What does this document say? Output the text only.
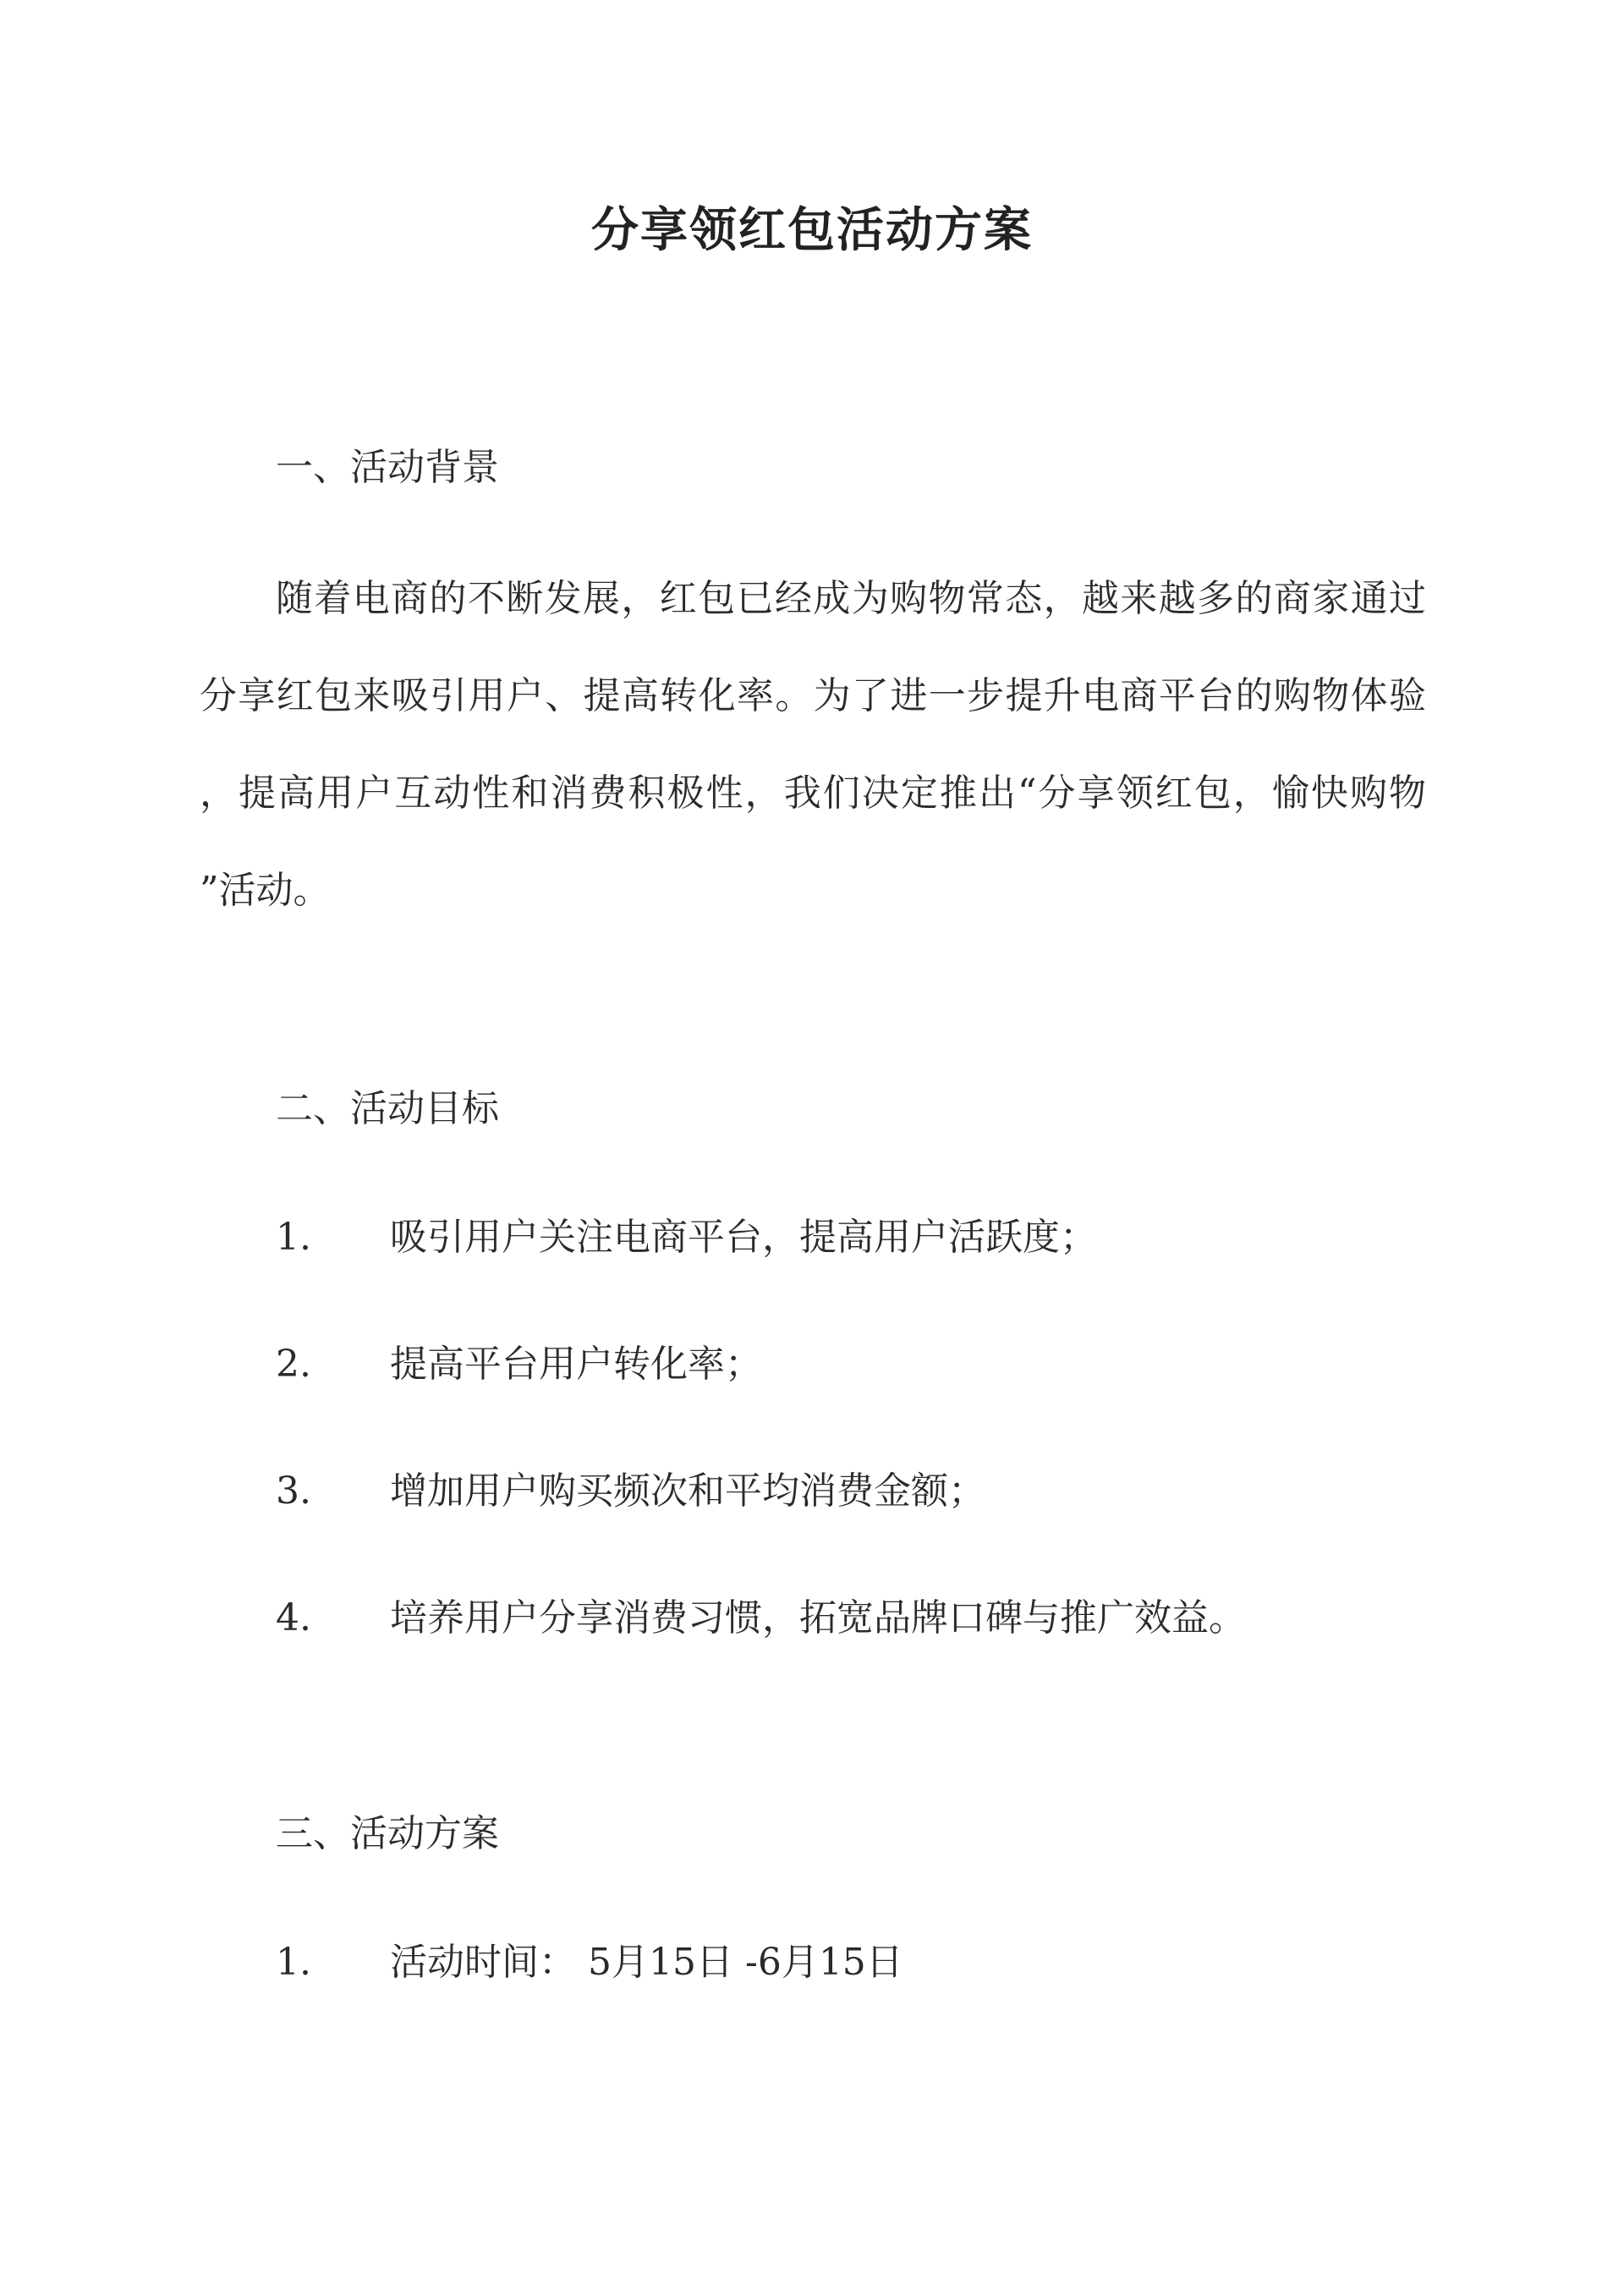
分享领红包活动方案
一、活动背景

随着电商的不断发展，红包已经成为购物常态，越来越多的商家通过

分享红包来吸引用户、提高转化率。为了进一步提升电商平台的购物体验

，提高用户互动性和消费积极性，我们决定推出“分享领红包，愉快购物

”活动。

二、活动目标

1. 吸引用户关注电商平台，提高用户活跃度；

2. 提高平台用户转化率；

3. 增加用户购买频次和平均消费金额；

4. 培养用户分享消费习惯，拓宽品牌口碑与推广效益。

三、活动方案

1. 活动时间： 5月15日 -6月15日
